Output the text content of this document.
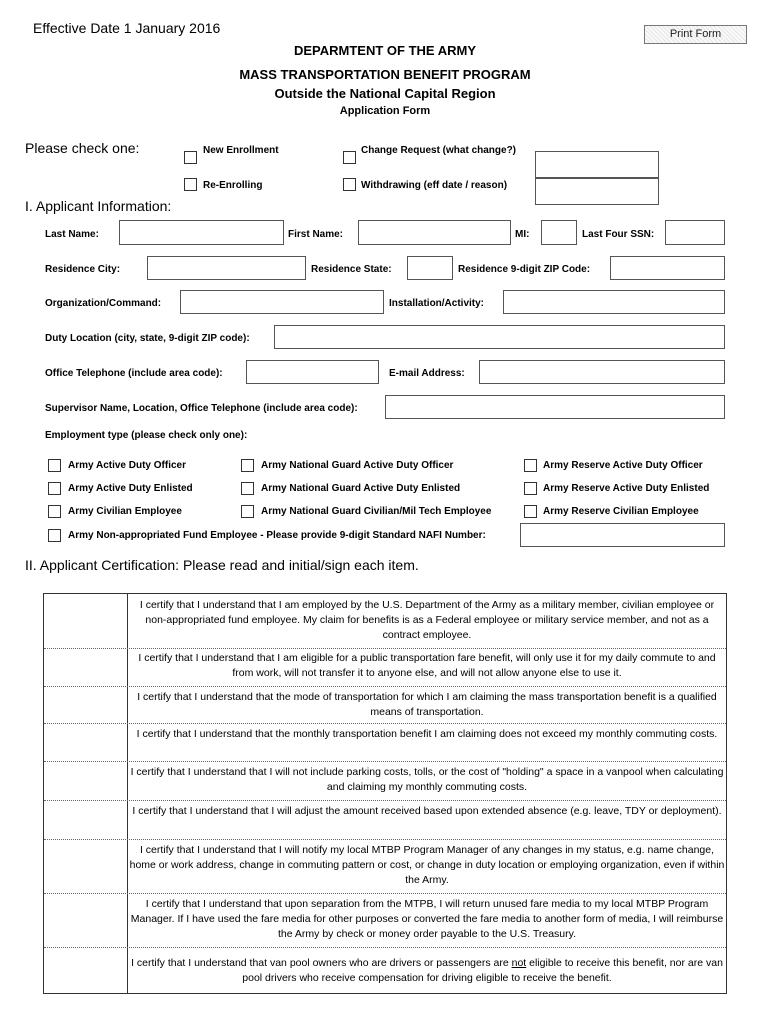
Effective Date 1 January 2016	Print Form
DEPARMTENT OF THE ARMY
MASS TRANSPORTATION BENEFIT PROGRAM
Outside the National Capital Region
Application Form
Please check one:	New Enrollment	Change Request (what change?)
Re-Enrolling	Withdrawing (eff date / reason)
I. Applicant Information:
Last Name:	First Name:	MI:	Last Four SSN:
Residence City:	Residence State:	Residence 9-digit ZIP Code:
Organization/Command:	Installation/Activity:
Duty Location (city, state, 9-digit ZIP code):
Office Telephone (include area code):	E-mail Address:
Supervisor Name, Location, Office Telephone (include area code):
Employment type (please check only one):
Army Active Duty Officer	Army National Guard Active Duty Officer	Army Reserve Active Duty Officer
Army Active Duty Enlisted	Army National Guard Active Duty Enlisted	Army Reserve Active Duty Enlisted
Army Civilian Employee	Army National Guard Civilian/Mil Tech Employee	Army Reserve Civilian Employee
Army Non-appropriated Fund Employee - Please provide 9-digit Standard NAFI Number:
II. Applicant Certification: Please read and initial/sign each item.
I certify that I understand that I am employed by the U.S. Department of the Army as a military member, civilian employee or non-appropriated fund employee. My claim for benefits is as a Federal employee or military service member, and not as a contract employee.
I certify that I understand that I am eligible for a public transportation fare benefit, will only use it for my daily commute to and from work, will not transfer it to anyone else, and will not allow anyone else to use it.
I certify that I understand that the mode of transportation for which I am claiming the mass transportation benefit is a qualified means of transportation.
I certify that I understand that the monthly transportation benefit I am claiming does not exceed my monthly commuting costs.
I certify that I understand that I will not include parking costs, tolls, or the cost of "holding" a space in a vanpool when calculating and claiming my monthly commuting costs.
I certify that I understand that I will adjust the amount received based upon extended absence (e.g. leave, TDY or deployment).
I certify that I understand that I will notify my local MTBP Program Manager of any changes in my status, e.g. name change, home or work address, change in commuting pattern or cost, or change in duty location or employing organization, even if within the Army.
I certify that I understand that upon separation from the MTPB, I will return unused fare media to my local MTBP Program Manager. If I have used the fare media for other purposes or converted the fare media to another form of media, I will reimburse the Army by check or money order payable to the U.S. Treasury.
I certify that I understand that van pool owners who are drivers or passengers are not eligible to receive this benefit, nor are van pool drivers who receive compensation for driving eligible to receive the benefit.
